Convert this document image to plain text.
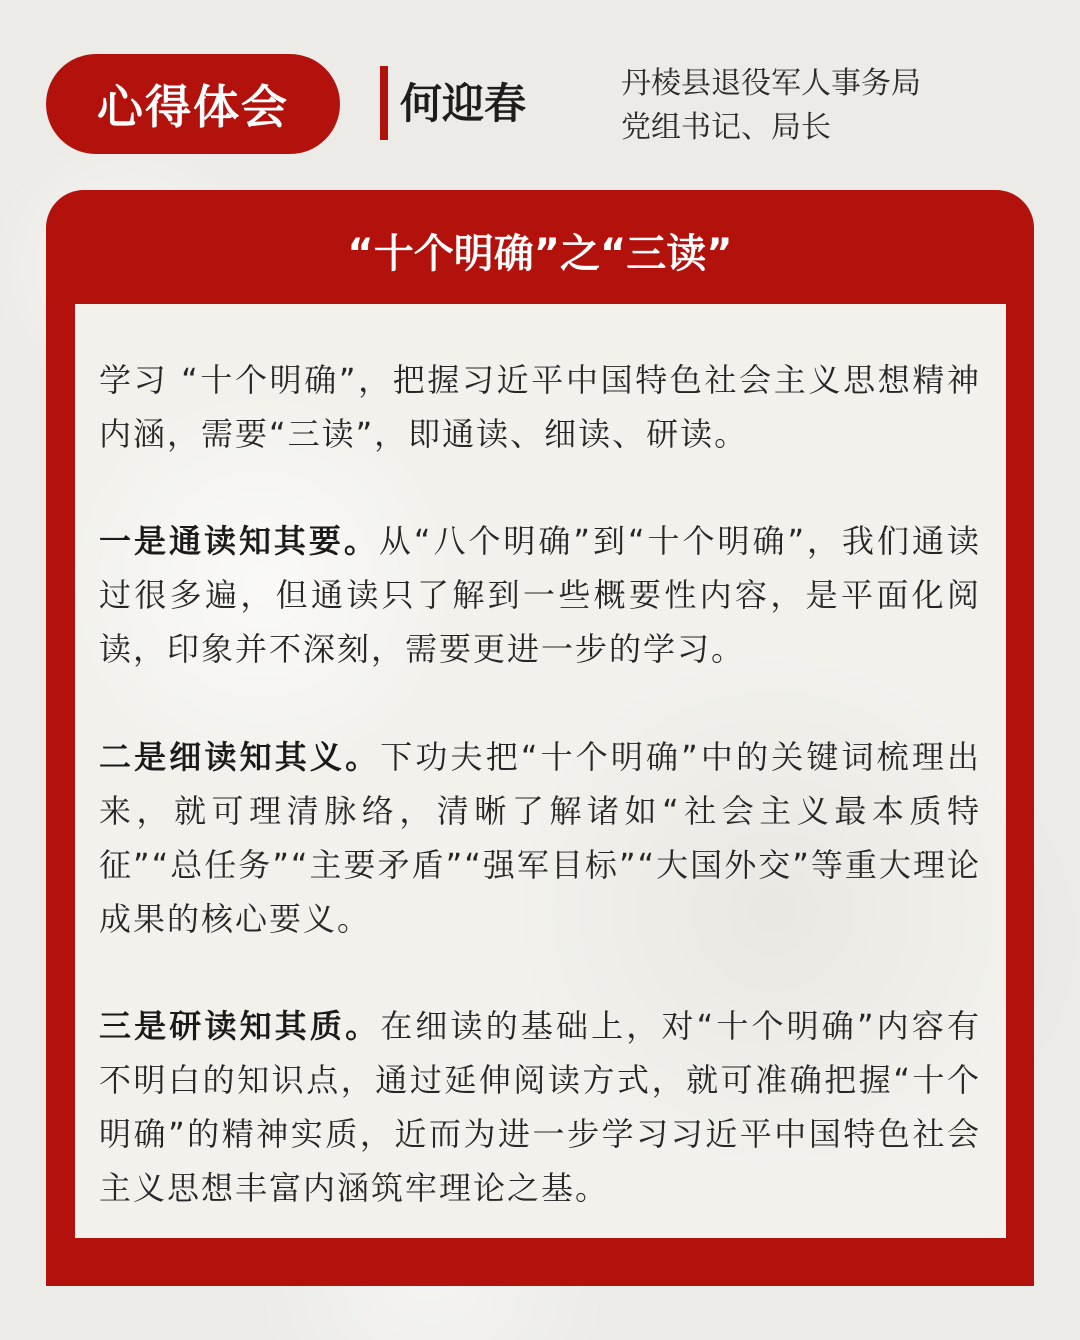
心得体会	何迎春	丹棱县退役军人事务局
党组书记、局长
“十个明确”之“三读”

学习 “十个明确”，把握习近平中国特色社会主义思想精神内涵，需要“三读”，即通读、细读、研读。

一是通读知其要。从“八个明确”到“十个明确”，我们通读过很多遍，但通读只了解到一些概要性内容，是平面化阅读，印象并不深刻，需要更进一步的学习。

二是细读知其义。下功夫把“十个明确”中的关键词梳理出来，就可理清脉络，清晰了解诸如“社会主义最本质特征”“总任务”“主要矛盾”“强军目标”“大国外交”等重大理论成果的核心要义。

三是研读知其质。在细读的基础上，对“十个明确”内容有不明白的知识点，通过延伸阅读方式，就可准确把握“十个明确”的精神实质，近而为进一步学习习近平中国特色社会主义思想丰富内涵筑牢理论之基。
